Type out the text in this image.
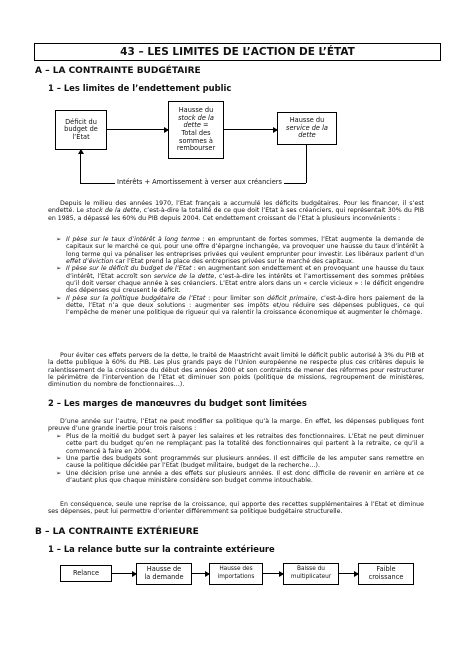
43 – LES LIMITES DE L’ACTION DE L’ÉTAT
A – LA CONTRAINTE BUDGÉTAIRE
1 – Les limites de l’endettement public
Déficit du
budget de
l’Etat
Hausse du
stock de la
dette =
Total des
sommes à
rembourser
Hausse du
service de la
dette
Intérêts + Amortissement à verser aux créanciers
Depuis le milieu des années 1970, l’Etat français a accumulé les déficits budgétaires. Pour les financer, il s’est endetté. Le stock de la dette, c’est-à-dire la totalité de ce que doit l’Etat à ses créanciers, qui représentait 30% du PIB en 1985, a dépassé les 60% du PIB depuis 2004. Cet endettement croissant de l’Etat à plusieurs inconvénients :
➢ Il pèse sur le taux d’intérêt à long terme : en empruntant de fortes sommes, l’Etat augmente la demande de capitaux sur le marché ce qui, pour une offre d’épargne inchangée, va provoquer une hausse du taux d’intérêt à long terme qui va pénaliser les entreprises privées qui veulent emprunter pour investir. Les libéraux parlent d’un effet d’éviction car l’Etat prend la place des entreprises privées sur le marché des capitaux.
➢ Il pèse sur le déficit du budget de l’Etat : en augmentant son endettement et en provoquant une hausse du taux d’intérêt, l’Etat accroît son service de la dette, c’est-à-dire les intérêts et l’amortissement des sommes prêtées qu’il doit verser chaque année à ses créanciers. L’Etat entre alors dans un « cercle vicieux » : le déficit engendre des dépenses qui creusent le déficit.
➢ Il pèse sur la politique budgétaire de l’Etat : pour limiter son déficit primaire, c’est-à-dire hors paiement de la dette, l’Etat n’a que deux solutions : augmenter ses impôts et/ou réduire ses dépenses publiques, ce qui l’empêche de mener une politique de rigueur qui va ralentir la croissance économique et augmenter le chômage.
Pour éviter ces effets pervers de la dette, le traité de Maastricht avait limité le déficit public autorisé à 3% du PIB et la dette publique à 60% du PIB. Les plus grands pays de l’Union européenne ne respecte plus ces critères depuis le ralentissement de la croissance du début des années 2000 et son contraints de mener des réformes pour restructurer le périmètre de l’intervention de l’Etat et diminuer son poids (politique de missions, regroupement de ministères, diminution du nombre de fonctionnaires…).
2 – Les marges de manœuvres du budget sont limitées
D’une année sur l’autre, l’Etat ne peut modifier sa politique qu’à la marge. En effet, les dépenses publiques font preuve d’une grande inertie pour trois raisons :
➢ Plus de la moitié du budget sert à payer les salaires et les retraites des fonctionnaires. L’Etat ne peut diminuer cette part du budget qu’en ne remplaçant pas la totalité des fonctionnaires qui partent à la retraite, ce qu’il a commencé à faire en 2004.
➢ Une partie des budgets sont programmés sur plusieurs années. Il est difficile de les amputer sans remettre en cause la politique décidée par l’Etat (budget militaire, budget de la recherche…).
➢ Une décision prise une année a des effets sur plusieurs années. Il est donc difficile de revenir en arrière et ce d’autant plus que chaque ministère considère son budget comme intouchable.
En conséquence, seule une reprise de la croissance, qui apporte des recettes supplémentaires à l’Etat et diminue ses dépenses, peut lui permettre d’orienter différemment sa politique budgétaire structurelle.
B – LA CONTRAINTE EXTÉRIEURE
1 – La relance butte sur la contrainte extérieure
Relance	Hausse de
la demande
Hausse des
importations
Baisse du
multiplicateur
Faible
croissance
